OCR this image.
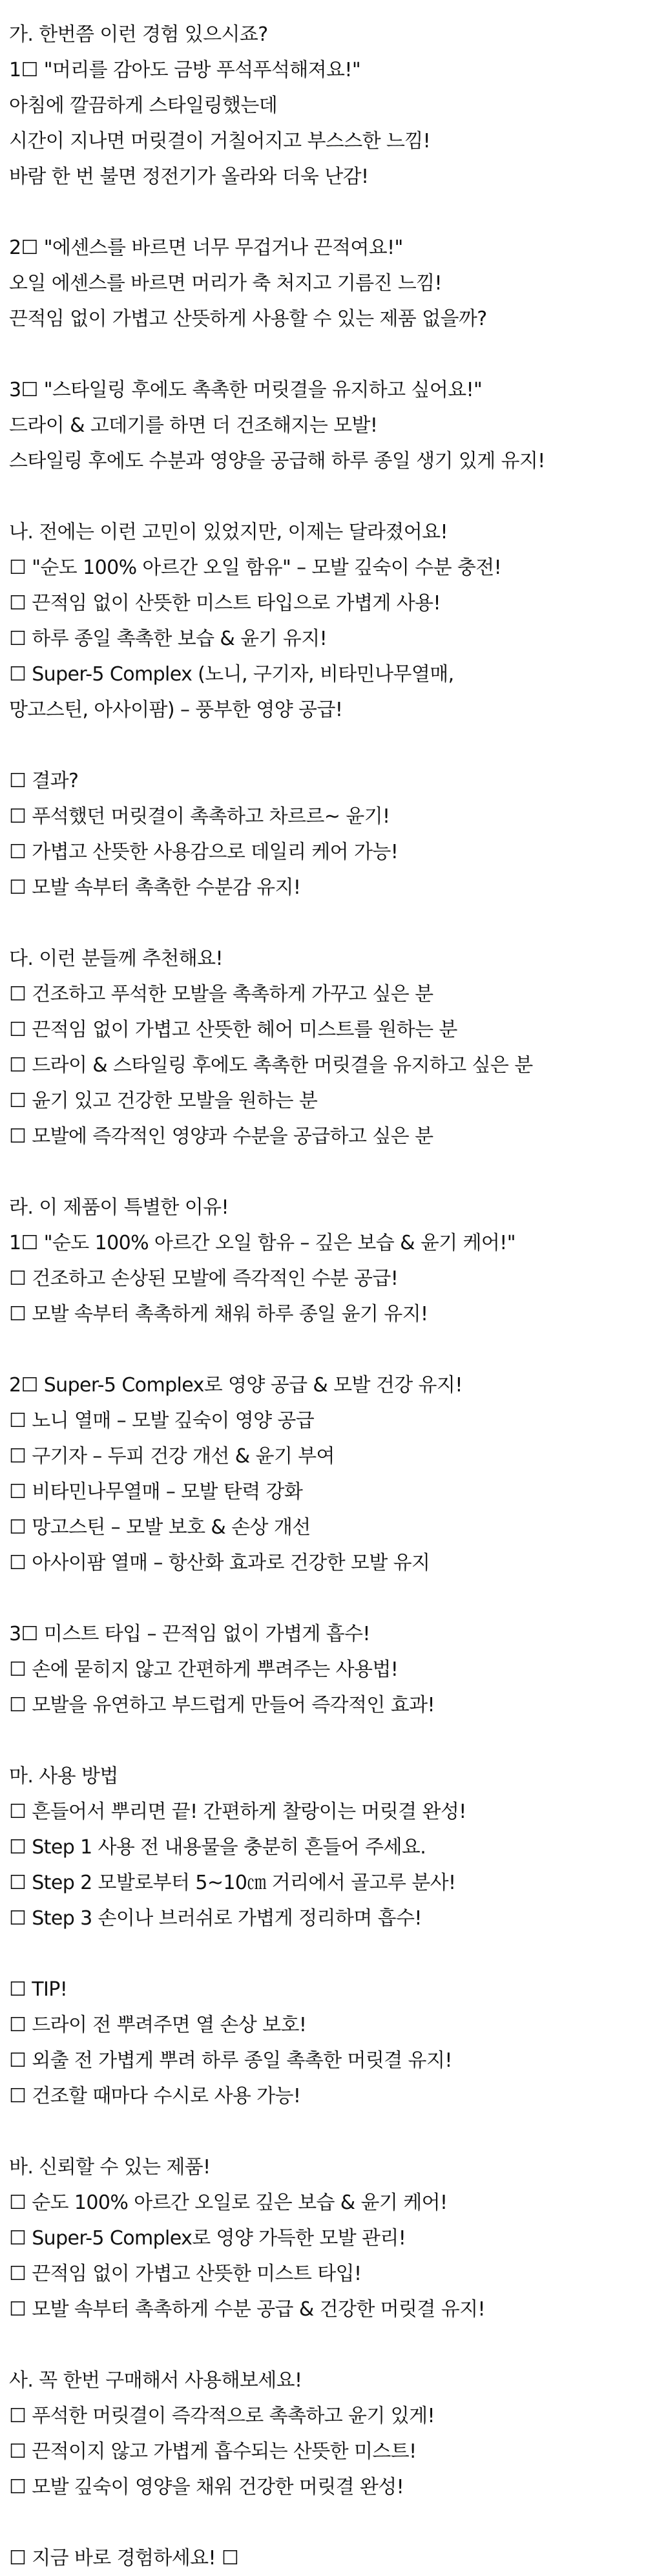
가. 한번쯤 이런 경험 있으시죠?
1☐ "머리를 감아도 금방 푸석푸석해져요!"
아침에 깔끔하게 스타일링했는데
시간이 지나면 머릿결이 거칠어지고 부스스한 느낌!
바람 한 번 불면 정전기가 올라와 더욱 난감!
2☐ "에센스를 바르면 너무 무겁거나 끈적여요!"
오일 에센스를 바르면 머리가 축 처지고 기름진 느낌!
끈적임 없이 가볍고 산뜻하게 사용할 수 있는 제품 없을까?
3☐ "스타일링 후에도 촉촉한 머릿결을 유지하고 싶어요!"
드라이 & 고데기를 하면 더 건조해지는 모발!
스타일링 후에도 수분과 영양을 공급해 하루 종일 생기 있게 유지!
나. 전에는 이런 고민이 있었지만, 이제는 달라졌어요!
☐ "순도 100% 아르간 오일 함유" – 모발 깊숙이 수분 충전!
☐ 끈적임 없이 산뜻한 미스트 타입으로 가볍게 사용!
☐ 하루 종일 촉촉한 보습 & 윤기 유지!
☐ Super-5 Complex (노니, 구기자, 비타민나무열매,
망고스틴, 아사이팜) – 풍부한 영양 공급!
☐ 결과?
☐ 푸석했던 머릿결이 촉촉하고 차르르~ 윤기!
☐ 가볍고 산뜻한 사용감으로 데일리 케어 가능!
☐ 모발 속부터 촉촉한 수분감 유지!
다. 이런 분들께 추천해요!
☐ 건조하고 푸석한 모발을 촉촉하게 가꾸고 싶은 분
☐ 끈적임 없이 가볍고 산뜻한 헤어 미스트를 원하는 분
☐ 드라이 & 스타일링 후에도 촉촉한 머릿결을 유지하고 싶은 분
☐ 윤기 있고 건강한 모발을 원하는 분
☐ 모발에 즉각적인 영양과 수분을 공급하고 싶은 분
라. 이 제품이 특별한 이유!
1☐ "순도 100% 아르간 오일 함유 – 깊은 보습 & 윤기 케어!"
☐ 건조하고 손상된 모발에 즉각적인 수분 공급!
☐ 모발 속부터 촉촉하게 채워 하루 종일 윤기 유지!
2☐ Super-5 Complex로 영양 공급 & 모발 건강 유지!
☐ 노니 열매 – 모발 깊숙이 영양 공급
☐ 구기자 – 두피 건강 개선 & 윤기 부여
☐ 비타민나무열매 – 모발 탄력 강화
☐ 망고스틴 – 모발 보호 & 손상 개선
☐ 아사이팜 열매 – 항산화 효과로 건강한 모발 유지
3☐ 미스트 타입 – 끈적임 없이 가볍게 흡수!
☐ 손에 묻히지 않고 간편하게 뿌려주는 사용법!
☐ 모발을 유연하고 부드럽게 만들어 즉각적인 효과!
마. 사용 방법
☐ 흔들어서 뿌리면 끝! 간편하게 찰랑이는 머릿결 완성!
☐ Step 1 사용 전 내용물을 충분히 흔들어 주세요.
☐ Step 2 모발로부터 5~10㎝ 거리에서 골고루 분사!
☐ Step 3 손이나 브러쉬로 가볍게 정리하며 흡수!
☐ TIP!
☐ 드라이 전 뿌려주면 열 손상 보호!
☐ 외출 전 가볍게 뿌려 하루 종일 촉촉한 머릿결 유지!
☐ 건조할 때마다 수시로 사용 가능!
바. 신뢰할 수 있는 제품!
☐ 순도 100% 아르간 오일로 깊은 보습 & 윤기 케어!
☐ Super-5 Complex로 영양 가득한 모발 관리!
☐ 끈적임 없이 가볍고 산뜻한 미스트 타입!
☐ 모발 속부터 촉촉하게 수분 공급 & 건강한 머릿결 유지!
사. 꼭 한번 구매해서 사용해보세요!
☐ 푸석한 머릿결이 즉각적으로 촉촉하고 윤기 있게!
☐ 끈적이지 않고 가볍게 흡수되는 산뜻한 미스트!
☐ 모발 깊숙이 영양을 채워 건강한 머릿결 완성!
☐ 지금 바로 경험하세요! ☐
